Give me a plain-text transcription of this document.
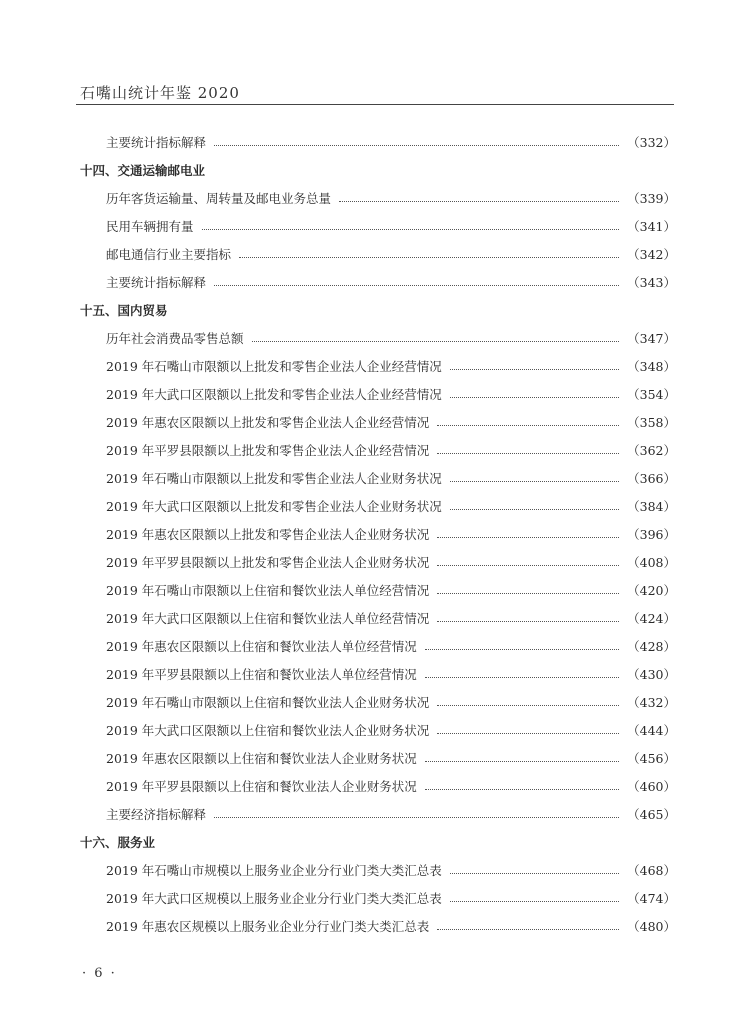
石嘴山统计年鉴 2020
主要统计指标解释	（332）
十四、交通运输邮电业
历年客货运输量、周转量及邮电业务总量	（339）
民用车辆拥有量	（341）
邮电通信行业主要指标	（342）
主要统计指标解释	（343）
十五、国内贸易
历年社会消费品零售总额	（347）
2019 年石嘴山市限额以上批发和零售企业法人企业经营情况	（348）
2019 年大武口区限额以上批发和零售企业法人企业经营情况	（354）
2019 年惠农区限额以上批发和零售企业法人企业经营情况	（358）
2019 年平罗县限额以上批发和零售企业法人企业经营情况	（362）
2019 年石嘴山市限额以上批发和零售企业法人企业财务状况	（366）
2019 年大武口区限额以上批发和零售企业法人企业财务状况	（384）
2019 年惠农区限额以上批发和零售企业法人企业财务状况	（396）
2019 年平罗县限额以上批发和零售企业法人企业财务状况	（408）
2019 年石嘴山市限额以上住宿和餐饮业法人单位经营情况	（420）
2019 年大武口区限额以上住宿和餐饮业法人单位经营情况	（424）
2019 年惠农区限额以上住宿和餐饮业法人单位经营情况	（428）
2019 年平罗县限额以上住宿和餐饮业法人单位经营情况	（430）
2019 年石嘴山市限额以上住宿和餐饮业法人企业财务状况	（432）
2019 年大武口区限额以上住宿和餐饮业法人企业财务状况	（444）
2019 年惠农区限额以上住宿和餐饮业法人企业财务状况	（456）
2019 年平罗县限额以上住宿和餐饮业法人企业财务状况	（460）
主要经济指标解释	（465）
十六、服务业
2019 年石嘴山市规模以上服务业企业分行业门类大类汇总表	（468）
2019 年大武口区规模以上服务业企业分行业门类大类汇总表	（474）
2019 年惠农区规模以上服务业企业分行业门类大类汇总表	（480）
· 6 ·
